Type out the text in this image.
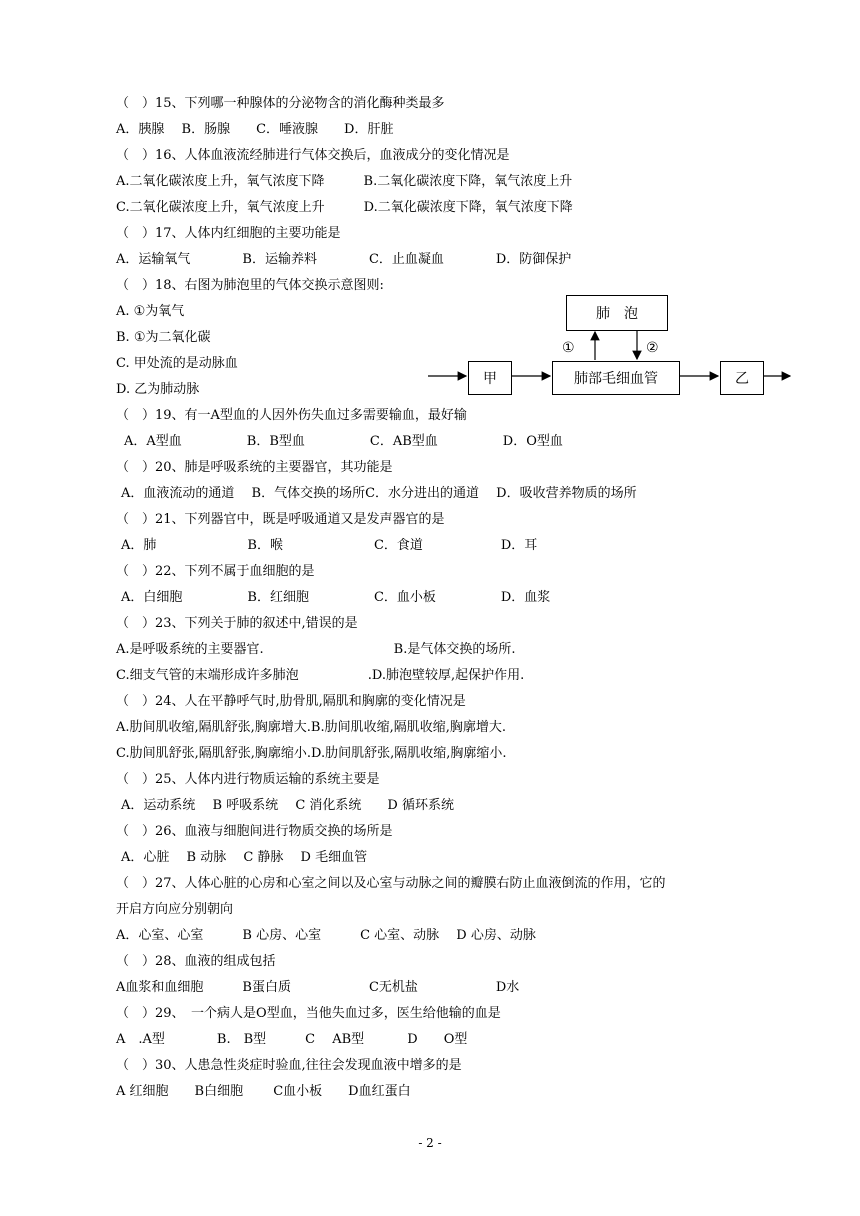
（　）15、下列哪一种腺体的分泌物含的消化酶种类最多
A．胰腺　 B．肠腺　　C．唾液腺　　D．肝脏
（　）16、人体血液流经肺进行气体交换后，血液成分的变化情况是
A.二氧化碳浓度上升，氧气浓度下降　　　B.二氧化碳浓度下降，氧气浓度上升
C.二氧化碳浓度上升，氧气浓度上升　　　D.二氧化碳浓度下降，氧气浓度下降
（　）17、人体内红细胞的主要功能是
A．运输氧气　　　　B．运输养料　　　　C．止血凝血　　　　D．防御保护
（　）18、右图为肺泡里的气体交换示意图则:
A. ①为氧气
B. ①为二氧化碳
C. 甲处流的是动脉血
D. 乙为肺动脉
（　）19、有一A型血的人因外伤失血过多需要输血，最好输
A．A型血　　　　　B．B型血　　　　　C．AB型血　　　　　D．O型血
（　）20、肺是呼吸系统的主要器官，其功能是
A．血液流动的通道　 B．气体交换的场所C．水分进出的通道　 D．吸收营养物质的场所
（　）21、下列器官中，既是呼吸通道又是发声器官的是
A．肺　　　　　　　B．喉　　　　　　　C．食道　　　　　　D．耳
（　）22、下列不属于血细胞的是
A．白细胞　　　　　B．红细胞　　　　　C．血小板　　　　　D．血浆
（　）23、下列关于肺的叙述中,错误的是
A.是呼吸系统的主要器官.　　　　　　　　　　B.是气体交换的场所.
C.细支气管的末端形成许多肺泡　　　　　 .D.肺泡壁较厚,起保护作用.
（　）24、人在平静呼气时,肋骨肌,隔肌和胸廓的变化情况是
A.肋间肌收缩,隔肌舒张,胸廓增大.B.肋间肌收缩,隔肌收缩,胸廓增大.
C.肋间肌舒张,隔肌舒张,胸廓缩小.D.肋间肌舒张,隔肌收缩,胸廓缩小.
（　）25、人体内进行物质运输的系统主要是
A．运动系统　 B 呼吸系统　 C 消化系统　　D 循环系统
（　）26、血液与细胞间进行物质交换的场所是
A．心脏　 B 动脉　 C 静脉　 D 毛细血管
（　）27、人体心脏的心房和心室之间以及心室与动脉之间的瓣膜右防止血液倒流的作用，它的
开启方向应分别朝向
A．心室、心室　　　B 心房、心室　　　C 心室、动脉　 D 心房、动脉
（　）28、血液的组成包括
A血浆和血细胞　　　B蛋白质　　　　　　C无机盐　　　　　　D水
（　）29、　一个病人是O型血，当他失血过多，医生给他输的血是
A　.A型　　　　B.　B型　　　C　 AB型　　　 D　　O型
（　）30、人患急性炎症时验血,往往会发现血液中增多的是
A 红细胞　　B白细胞　　 C血小板　　D血红蛋白
肺　泡
甲	肺部毛细血管	乙
①	②
- 2 -
